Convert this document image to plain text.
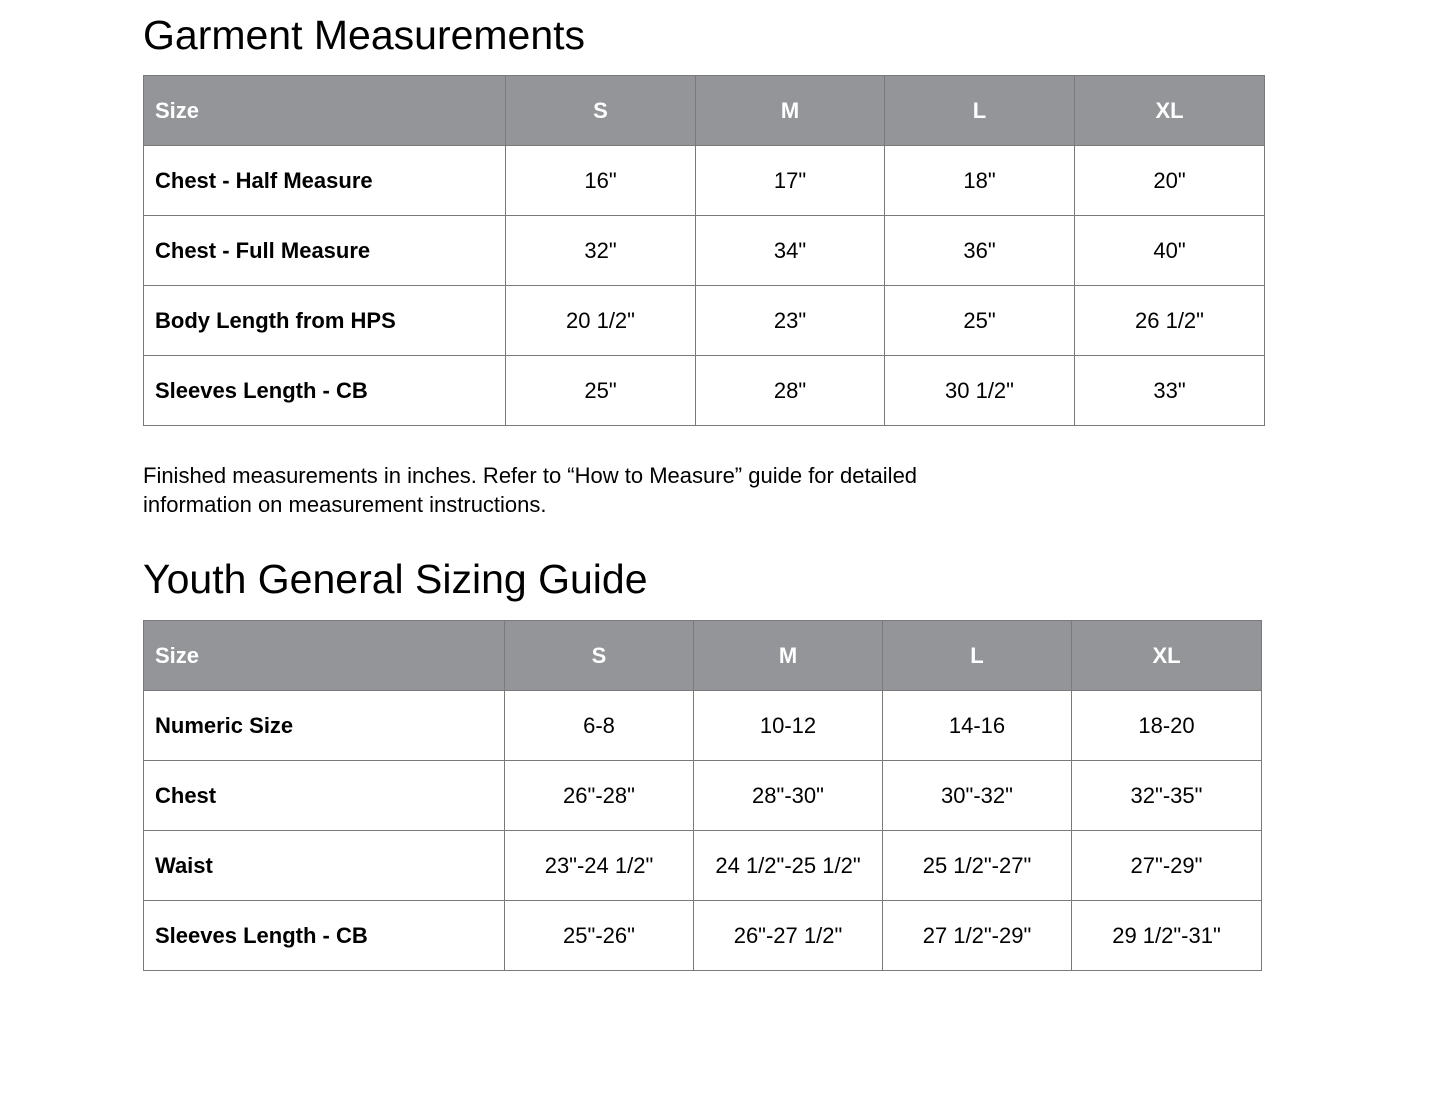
Garment Measurements
Size	S	M	L	XL
Chest - Half Measure	16"	17"	18"	20"
Chest - Full Measure	32"	34"	36"	40"
Body Length from HPS	20 1/2"	23"	25"	26 1/2"
Sleeves Length - CB	25"	28"	30 1/2"	33"

Finished measurements in inches. Refer to “How to Measure” guide for detailed
information on measurement instructions.

Youth General Sizing Guide
Size	S	M	L	XL
Numeric Size	6-8	10-12	14-16	18-20
Chest	26"-28"	28"-30"	30"-32"	32"-35"
Waist	23"-24 1/2"	24 1/2"-25 1/2"	25 1/2"-27"	27"-29"
Sleeves Length - CB	25"-26"	26"-27 1/2"	27 1/2"-29"	29 1/2"-31"
